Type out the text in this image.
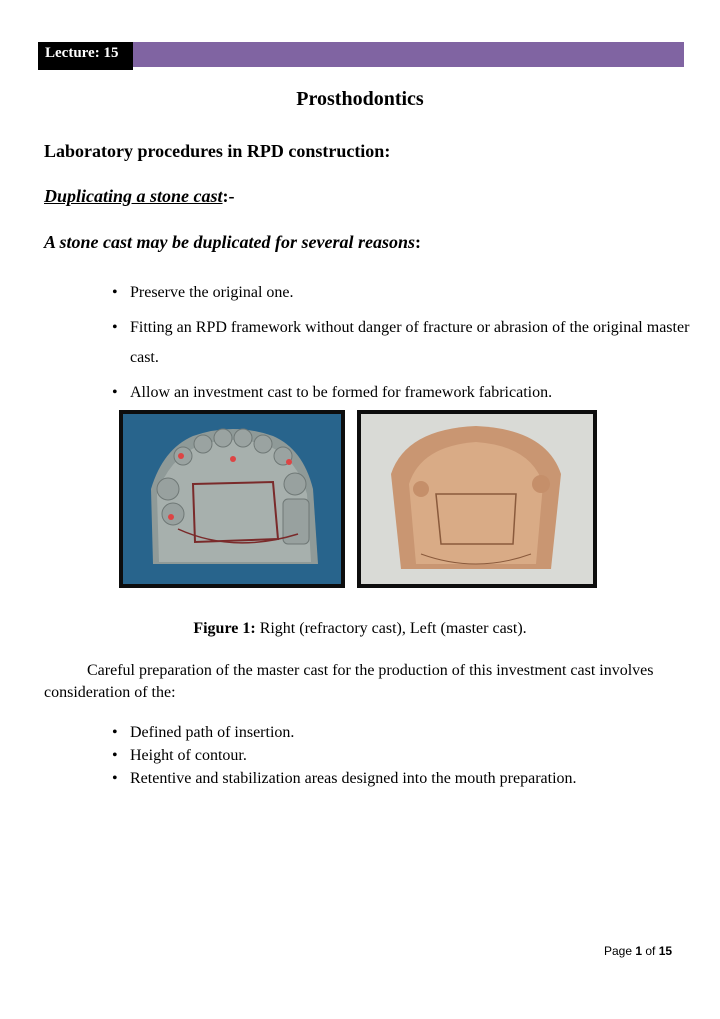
Lecture: 15
Prosthodontics
Laboratory procedures in RPD construction:
Duplicating a stone cast:-
A stone cast may be duplicated for several reasons:
• Preserve the original one.
• Fitting an RPD framework without danger of fracture or abrasion of the original master cast.
• Allow an investment cast to be formed for framework fabrication.
Figure 1: Right (refractory cast), Left (master cast).
Careful preparation of the master cast for the production of this investment cast involves consideration of the:
• Defined path of insertion.
• Height of contour.
• Retentive and stabilization areas designed into the mouth preparation.
Page 1 of 15
